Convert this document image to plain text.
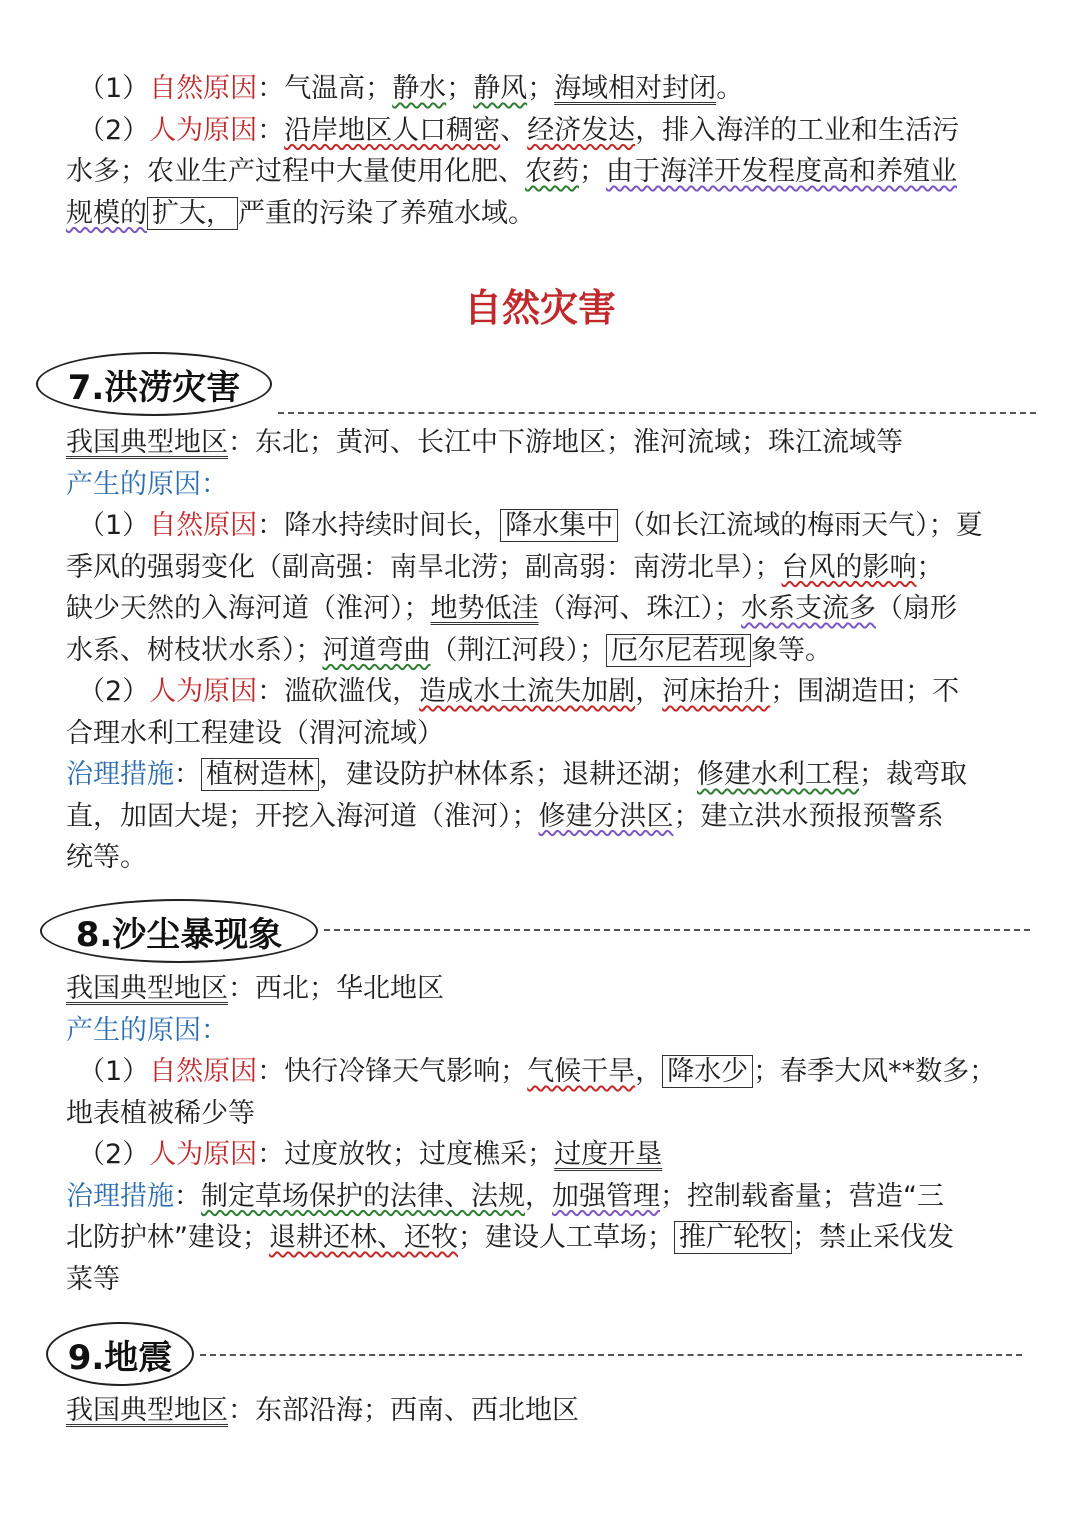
（1）自然原因：气温高；静水；静风；海域相对封闭。
（2）人为原因：沿岸地区人口稠密、经济发达，排入海洋的工业和生活污
水多；农业生产过程中大量使用化肥、农药；由于海洋开发程度高和养殖业
规模的 扩大， 严重的污染了养殖水域。
自然灾害
7.洪涝灾害
我国典型地区：东北；黄河、长江中下游地区；淮河流域；珠江流域等
产生的原因：
（1）自然原因：降水持续时间长， 降水集中 （如长江流域的梅雨天气）；夏
季风的强弱变化（副高强：南旱北涝；副高弱：南涝北旱）；台风的影响；
缺少天然的入海河道（淮河）；地势低洼（海河、珠江）；水系支流多（扇形
水系、树枝状水系）；河道弯曲（荆江河段）； 厄尔尼若现 象等。
（2）人为原因：滥砍滥伐，造成水土流失加剧，河床抬升；围湖造田；不
合理水利工程建设（渭河流域）
治理措施： 植树造林 ，建设防护林体系；退耕还湖；修建水利工程；裁弯取
直，加固大堤；开挖入海河道（淮河）；修建分洪区；建立洪水预报预警系
统等。
8.沙尘暴现象
我国典型地区：西北；华北地区
产生的原因：
（1）自然原因：快行冷锋天气影响；气候干旱， 降水少 ；春季大风**数多；
地表植被稀少等
（2）人为原因：过度放牧；过度樵采；过度开垦
治理措施：制定草场保护的法律、法规，加强管理；控制载畜量；营造“三
北防护林”建设；退耕还林、还牧；建设人工草场； 推广轮牧 ；禁止采伐发
菜等
9.地震
我国典型地区：东部沿海；西南、西北地区
